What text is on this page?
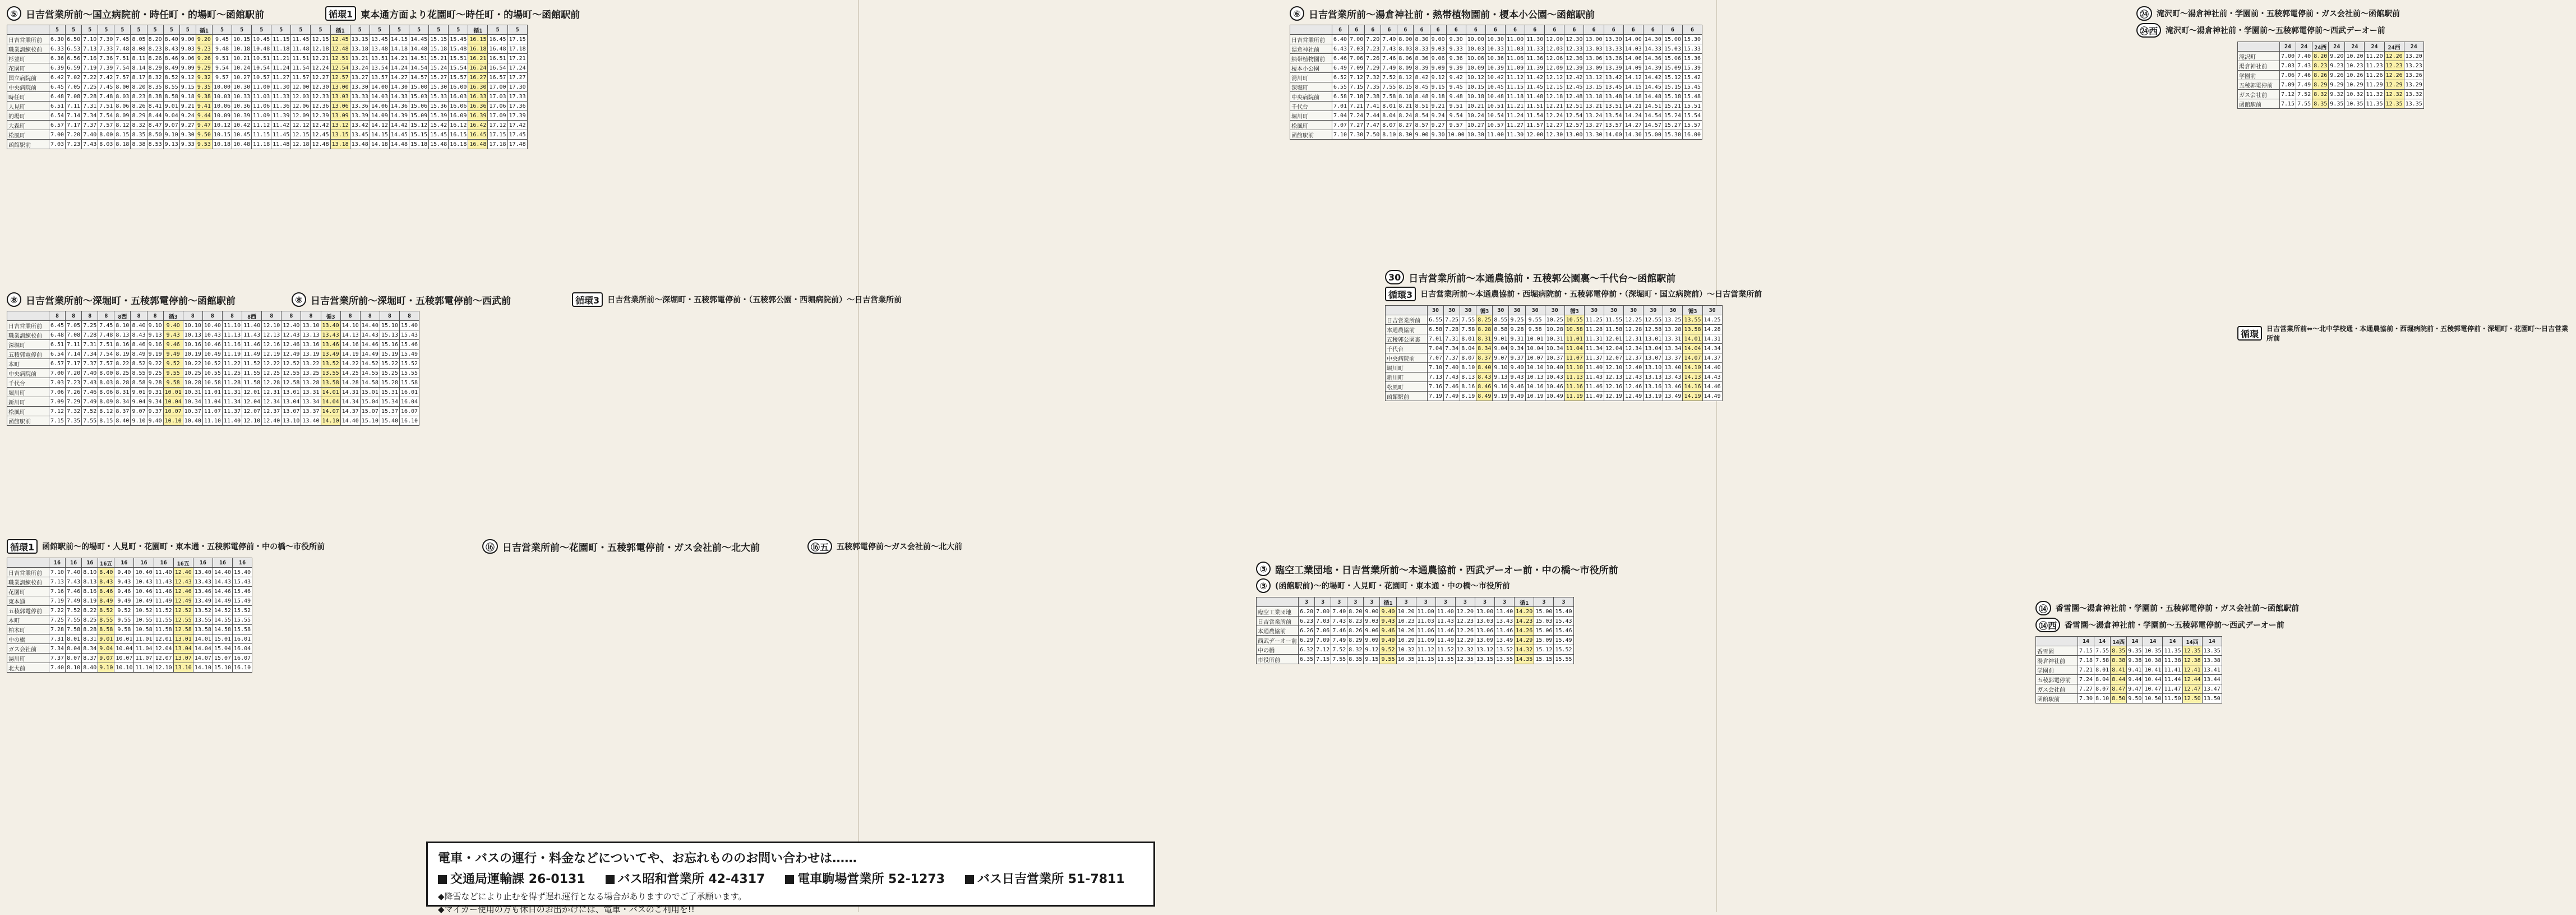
⑤ 日吉営業所前〜国立病院前・時任町・的場町〜函館駅前	循環1 東本通方面より花園町〜時任町・的場町〜函館駅前
⑧ 日吉営業所前〜深堀町・五稜郭電停前〜函館駅前	⑧ 日吉営業所前〜深堀町・五稜郭電停前〜西武前	循環3	日吉営業所前〜深堀町・五稜郭電停前・（五稜郭公園・西堀病院前）〜日吉営業所前
循環1	函館駅前〜的場町・人見町・花園町・東本通・五稜郭電停前・中の橋〜市役所前	⑯ 日吉営業所前〜花園町・五稜郭電停前・ガス会社前〜北大前	⑯五	五稜郭電停前〜ガス会社前〜北大前
⑥ 日吉営業所前〜湯倉神社前・熱帯植物園前・榎本小公園〜函館駅前
30 日吉営業所前〜本通農協前・五稜郭公園裏〜千代台〜函館駅前
循環3	日吉営業所前〜本通農協前・西堀病院前・五稜郭電停前・（深堀町・国立病院前）〜日吉営業所前
③ 臨空工業団地・日吉営業所前〜本通農協前・西武デーオー前・中の橋〜市役所前
③	(函館駅前)〜的場町・人見町・花園町・東本通・中の橋〜市役所前
㉔	滝沢町〜湯倉神社前・学園前・五稜郭電停前・ガス会社前〜函館駅前
㉔西	滝沢町〜湯倉神社前・学園前〜五稜郭電停前〜西武デーオー前
循環	日吉営業所前⇔〜北中学校通・本通農協前・西堀病院前・五稜郭電停前・深堀町・花園町〜日吉営業所前
⑭	香雪園〜湯倉神社前・学園前・五稜郭電停前・ガス会社前〜函館駅前
⑭西	香雪園〜湯倉神社前・学園前〜五稜郭電停前〜西武デーオー前
	5	5	5	5	5	5	5	5	5	循1	5	5	5	5	5	5	循1	5	5	5	5	5	5	循1	5	5
日吉営業所前	6.30	6.50	7.10	7.30	7.45	8.05	8.20	8.40	9.00	9.20	9.45	10.15	10.45	11.15	11.45	12.15	12.45	13.15	13.45	14.15	14.45	15.15	15.45	16.15	16.45	17.15
職業訓練校前	6.33	6.53	7.13	7.33	7.48	8.08	8.23	8.43	9.03	9.23	9.48	10.18	10.48	11.18	11.48	12.18	12.48	13.18	13.48	14.18	14.48	15.18	15.48	16.18	16.48	17.18
杉並町	6.36	6.56	7.16	7.36	7.51	8.11	8.26	8.46	9.06	9.26	9.51	10.21	10.51	11.21	11.51	12.21	12.51	13.21	13.51	14.21	14.51	15.21	15.51	16.21	16.51	17.21
花園町	6.39	6.59	7.19	7.39	7.54	8.14	8.29	8.49	9.09	9.29	9.54	10.24	10.54	11.24	11.54	12.24	12.54	13.24	13.54	14.24	14.54	15.24	15.54	16.24	16.54	17.24
国立病院前	6.42	7.02	7.22	7.42	7.57	8.17	8.32	8.52	9.12	9.32	9.57	10.27	10.57	11.27	11.57	12.27	12.57	13.27	13.57	14.27	14.57	15.27	15.57	16.27	16.57	17.27
中央病院前	6.45	7.05	7.25	7.45	8.00	8.20	8.35	8.55	9.15	9.35	10.00	10.30	11.00	11.30	12.00	12.30	13.00	13.30	14.00	14.30	15.00	15.30	16.00	16.30	17.00	17.30
時任町	6.48	7.08	7.28	7.48	8.03	8.23	8.38	8.58	9.18	9.38	10.03	10.33	11.03	11.33	12.03	12.33	13.03	13.33	14.03	14.33	15.03	15.33	16.03	16.33	17.03	17.33
人見町	6.51	7.11	7.31	7.51	8.06	8.26	8.41	9.01	9.21	9.41	10.06	10.36	11.06	11.36	12.06	12.36	13.06	13.36	14.06	14.36	15.06	15.36	16.06	16.36	17.06	17.36
的場町	6.54	7.14	7.34	7.54	8.09	8.29	8.44	9.04	9.24	9.44	10.09	10.39	11.09	11.39	12.09	12.39	13.09	13.39	14.09	14.39	15.09	15.39	16.09	16.39	17.09	17.39
大森町	6.57	7.17	7.37	7.57	8.12	8.32	8.47	9.07	9.27	9.47	10.12	10.42	11.12	11.42	12.12	12.42	13.12	13.42	14.12	14.42	15.12	15.42	16.12	16.42	17.12	17.42
松風町	7.00	7.20	7.40	8.00	8.15	8.35	8.50	9.10	9.30	9.50	10.15	10.45	11.15	11.45	12.15	12.45	13.15	13.45	14.15	14.45	15.15	15.45	16.15	16.45	17.15	17.45
函館駅前	7.03	7.23	7.43	8.03	8.18	8.38	8.53	9.13	9.33	9.53	10.18	10.48	11.18	11.48	12.18	12.48	13.18	13.48	14.18	14.48	15.18	15.48	16.18	16.48	17.18	17.48
	8	8	8	8	8西	8	8	循3	8	8	8	8西	8	8	8	循3	8	8	8	8
日吉営業所前	6.45	7.05	7.25	7.45	8.10	8.40	9.10	9.40	10.10	10.40	11.10	11.40	12.10	12.40	13.10	13.40	14.10	14.40	15.10	15.40
職業訓練校前	6.48	7.08	7.28	7.48	8.13	8.43	9.13	9.43	10.13	10.43	11.13	11.43	12.13	12.43	13.13	13.43	14.13	14.43	15.13	15.43
深堀町	6.51	7.11	7.31	7.51	8.16	8.46	9.16	9.46	10.16	10.46	11.16	11.46	12.16	12.46	13.16	13.46	14.16	14.46	15.16	15.46
五稜郭電停前	6.54	7.14	7.34	7.54	8.19	8.49	9.19	9.49	10.19	10.49	11.19	11.49	12.19	12.49	13.19	13.49	14.19	14.49	15.19	15.49
本町	6.57	7.17	7.37	7.57	8.22	8.52	9.22	9.52	10.22	10.52	11.22	11.52	12.22	12.52	13.22	13.52	14.22	14.52	15.22	15.52
中央病院前	7.00	7.20	7.40	8.00	8.25	8.55	9.25	9.55	10.25	10.55	11.25	11.55	12.25	12.55	13.25	13.55	14.25	14.55	15.25	15.55
千代台	7.03	7.23	7.43	8.03	8.28	8.58	9.28	9.58	10.28	10.58	11.28	11.58	12.28	12.58	13.28	13.58	14.28	14.58	15.28	15.58
堀川町	7.06	7.26	7.46	8.06	8.31	9.01	9.31	10.01	10.31	11.01	11.31	12.01	12.31	13.01	13.31	14.01	14.31	15.01	15.31	16.01
新川町	7.09	7.29	7.49	8.09	8.34	9.04	9.34	10.04	10.34	11.04	11.34	12.04	12.34	13.04	13.34	14.04	14.34	15.04	15.34	16.04
松風町	7.12	7.32	7.52	8.12	8.37	9.07	9.37	10.07	10.37	11.07	11.37	12.07	12.37	13.07	13.37	14.07	14.37	15.07	15.37	16.07
函館駅前	7.15	7.35	7.55	8.15	8.40	9.10	9.40	10.10	10.40	11.10	11.40	12.10	12.40	13.10	13.40	14.10	14.40	15.10	15.40	16.10
	16	16	16	16五	16	16	16	16五	16	16	16
日吉営業所前	7.10	7.40	8.10	8.40	9.40	10.40	11.40	12.40	13.40	14.40	15.40
職業訓練校前	7.13	7.43	8.13	8.43	9.43	10.43	11.43	12.43	13.43	14.43	15.43
花園町	7.16	7.46	8.16	8.46	9.46	10.46	11.46	12.46	13.46	14.46	15.46
東本通	7.19	7.49	8.19	8.49	9.49	10.49	11.49	12.49	13.49	14.49	15.49
五稜郭電停前	7.22	7.52	8.22	8.52	9.52	10.52	11.52	12.52	13.52	14.52	15.52
本町	7.25	7.55	8.25	8.55	9.55	10.55	11.55	12.55	13.55	14.55	15.55
柏木町	7.28	7.58	8.28	8.58	9.58	10.58	11.58	12.58	13.58	14.58	15.58
中の橋	7.31	8.01	8.31	9.01	10.01	11.01	12.01	13.01	14.01	15.01	16.01
ガス会社前	7.34	8.04	8.34	9.04	10.04	11.04	12.04	13.04	14.04	15.04	16.04
湯川町	7.37	8.07	8.37	9.07	10.07	11.07	12.07	13.07	14.07	15.07	16.07
北大前	7.40	8.10	8.40	9.10	10.10	11.10	12.10	13.10	14.10	15.10	16.10
	6	6	6	6	6	6	6	6	6	6	6	6	6	6	6	6	6	6	6	6
日吉営業所前	6.40	7.00	7.20	7.40	8.00	8.30	9.00	9.30	10.00	10.30	11.00	11.30	12.00	12.30	13.00	13.30	14.00	14.30	15.00	15.30
湯倉神社前	6.43	7.03	7.23	7.43	8.03	8.33	9.03	9.33	10.03	10.33	11.03	11.33	12.03	12.33	13.03	13.33	14.03	14.33	15.03	15.33
熱帯植物園前	6.46	7.06	7.26	7.46	8.06	8.36	9.06	9.36	10.06	10.36	11.06	11.36	12.06	12.36	13.06	13.36	14.06	14.36	15.06	15.36
榎本小公園	6.49	7.09	7.29	7.49	8.09	8.39	9.09	9.39	10.09	10.39	11.09	11.39	12.09	12.39	13.09	13.39	14.09	14.39	15.09	15.39
湯川町	6.52	7.12	7.32	7.52	8.12	8.42	9.12	9.42	10.12	10.42	11.12	11.42	12.12	12.42	13.12	13.42	14.12	14.42	15.12	15.42
深堀町	6.55	7.15	7.35	7.55	8.15	8.45	9.15	9.45	10.15	10.45	11.15	11.45	12.15	12.45	13.15	13.45	14.15	14.45	15.15	15.45
中央病院前	6.58	7.18	7.38	7.58	8.18	8.48	9.18	9.48	10.18	10.48	11.18	11.48	12.18	12.48	13.18	13.48	14.18	14.48	15.18	15.48
千代台	7.01	7.21	7.41	8.01	8.21	8.51	9.21	9.51	10.21	10.51	11.21	11.51	12.21	12.51	13.21	13.51	14.21	14.51	15.21	15.51
堀川町	7.04	7.24	7.44	8.04	8.24	8.54	9.24	9.54	10.24	10.54	11.24	11.54	12.24	12.54	13.24	13.54	14.24	14.54	15.24	15.54
松風町	7.07	7.27	7.47	8.07	8.27	8.57	9.27	9.57	10.27	10.57	11.27	11.57	12.27	12.57	13.27	13.57	14.27	14.57	15.27	15.57
函館駅前	7.10	7.30	7.50	8.10	8.30	9.00	9.30	10.00	10.30	11.00	11.30	12.00	12.30	13.00	13.30	14.00	14.30	15.00	15.30	16.00
	30	30	30	循3	30	30	30	30	循3	30	30	30	30	30	循3	30
日吉営業所前	6.55	7.25	7.55	8.25	8.55	9.25	9.55	10.25	10.55	11.25	11.55	12.25	12.55	13.25	13.55	14.25
本通農協前	6.58	7.28	7.58	8.28	8.58	9.28	9.58	10.28	10.58	11.28	11.58	12.28	12.58	13.28	13.58	14.28
五稜郭公園裏	7.01	7.31	8.01	8.31	9.01	9.31	10.01	10.31	11.01	11.31	12.01	12.31	13.01	13.31	14.01	14.31
千代台	7.04	7.34	8.04	8.34	9.04	9.34	10.04	10.34	11.04	11.34	12.04	12.34	13.04	13.34	14.04	14.34
中央病院前	7.07	7.37	8.07	8.37	9.07	9.37	10.07	10.37	11.07	11.37	12.07	12.37	13.07	13.37	14.07	14.37
堀川町	7.10	7.40	8.10	8.40	9.10	9.40	10.10	10.40	11.10	11.40	12.10	12.40	13.10	13.40	14.10	14.40
新川町	7.13	7.43	8.13	8.43	9.13	9.43	10.13	10.43	11.13	11.43	12.13	12.43	13.13	13.43	14.13	14.43
松風町	7.16	7.46	8.16	8.46	9.16	9.46	10.16	10.46	11.16	11.46	12.16	12.46	13.16	13.46	14.16	14.46
函館駅前	7.19	7.49	8.19	8.49	9.19	9.49	10.19	10.49	11.19	11.49	12.19	12.49	13.19	13.49	14.19	14.49
	3	3	3	3	3	循1	3	3	3	3	3	3	循1	3	3
臨空工業団地	6.20	7.00	7.40	8.20	9.00	9.40	10.20	11.00	11.40	12.20	13.00	13.40	14.20	15.00	15.40
日吉営業所前	6.23	7.03	7.43	8.23	9.03	9.43	10.23	11.03	11.43	12.23	13.03	13.43	14.23	15.03	15.43
本通農協前	6.26	7.06	7.46	8.26	9.06	9.46	10.26	11.06	11.46	12.26	13.06	13.46	14.26	15.06	15.46
西武デーオー前	6.29	7.09	7.49	8.29	9.09	9.49	10.29	11.09	11.49	12.29	13.09	13.49	14.29	15.09	15.49
中の橋	6.32	7.12	7.52	8.32	9.12	9.52	10.32	11.12	11.52	12.32	13.12	13.52	14.32	15.12	15.52
市役所前	6.35	7.15	7.55	8.35	9.15	9.55	10.35	11.15	11.55	12.35	13.15	13.55	14.35	15.15	15.55
	24	24	24西	24	24	24	24西	24
滝沢町	7.00	7.40	8.20	9.20	10.20	11.20	12.20	13.20
湯倉神社前	7.03	7.43	8.23	9.23	10.23	11.23	12.23	13.23
学園前	7.06	7.46	8.26	9.26	10.26	11.26	12.26	13.26
五稜郭電停前	7.09	7.49	8.29	9.29	10.29	11.29	12.29	13.29
ガス会社前	7.12	7.52	8.32	9.32	10.32	11.32	12.32	13.32
函館駅前	7.15	7.55	8.35	9.35	10.35	11.35	12.35	13.35
	14	14	14西	14	14	14	14西	14
香雪園	7.15	7.55	8.35	9.35	10.35	11.35	12.35	13.35
湯倉神社前	7.18	7.58	8.38	9.38	10.38	11.38	12.38	13.38
学園前	7.21	8.01	8.41	9.41	10.41	11.41	12.41	13.41
五稜郭電停前	7.24	8.04	8.44	9.44	10.44	11.44	12.44	13.44
ガス会社前	7.27	8.07	8.47	9.47	10.47	11.47	12.47	13.47
函館駅前	7.30	8.10	8.50	9.50	10.50	11.50	12.50	13.50
電車・バスの運行・料金などについてや、お忘れもののお問い合わせは……
交通局運輸課 26-0131	バス昭和営業所 42-4317	電車駒場営業所 52-1273	バス日吉営業所 51-7811
◆降雪などにより止むを得ず遅れ運行となる場合がありますのでご了承願います。
◆マイカー使用の方も休日のお出かけには、電車・バスのご利用を!!
